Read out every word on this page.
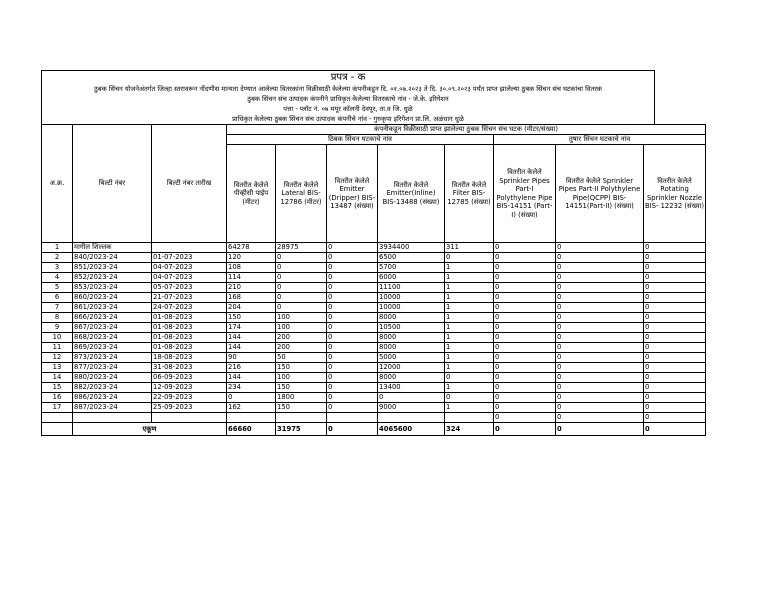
प्रपत्र - क
ठुबक सिंचन योजनेअंतर्गत जिल्हा स्तरावरून नोंदणीस मान्यता देण्यात आलेल्या वितरकांना विक्रीसाठी केलेल्या कंपनीकडून दि. ०१.०७.२०२३ ते दि. ३०.०९.२०२३ पर्यंत प्राप्त झालेल्या ठुबक सिंचन संच घटकांचा वितरक
ठुबक सिंचन संच उत्पादक कंपनीने प्राधिकृत केलेल्या वितरकाचे नांव - जे.के. इरिगेशन
पत्ता - प्लॉट नं. ०७ मयूर कॉलनी देवपूर, ता.व जि. धुळे
प्राधिकृत केलेल्या ठुबक सिंचन संच उत्पादक कंपनीचे नांव - गुरुकृपा इरिगेशन प्रा.लि. अळंधान धुळे
अ.क्र.	बिल्टी नंबर	बिल्टी नंबर तारीख	कंपनीकडून विक्रीसाठी प्राप्त झालेल्या ठुबक सिंचन संच घटक (मीटर/संख्या)							
			ठिबक सिंचन घटकाचे नांव					तुषार सिंचन घटकाचे नांव		
			वितरीत केलेले पीव्हीसी पाईप (मीटर)	वितरीत केलेले Lateral BIS-12786 (मीटर)	वितरीत केलेले Emitter (Dripper) BIS-13487 (संख्या)	वितरीत केलेले Emitter(Inline) BIS-13488 (संख्या)	वितरीत केलेले Filter BIS-12785 (संख्या)	वितरीत केलेले Sprinkler Pipes Part-I Polythylene Pipe BIS-14151 (Part-I) (संख्या)	वितरीत केलेले Sprinkler Pipes Part-II Polythylene Pipe(QCPP) BIS-14151(Part-II) (संख्या)	वितरीत केलेले Rotating Sprinkler Nozzle BIS- 12232 (संख्या)
1	मागील शिल्लक		64278	28975	0	3934400	311	0	0	0
2	840/2023-24	01-07-2023	120	0	0	6500	0	0	0	0
3	851/2023-24	04-07-2023	108	0	0	5700	1	0	0	0
4	852/2023-24	04-07-2023	114	0	0	6000	1	0	0	0
5	853/2023-24	05-07-2023	210	0	0	11100	1	0	0	0
6	860/2023-24	21-07-2023	168	0	0	10000	1	0	0	0
7	861/2023-24	24-07-2023	204	0	0	10000	1	0	0	0
8	866/2023-24	01-08-2023	150	100	0	8000	1	0	0	0
9	867/2023-24	01-08-2023	174	100	0	10500	1	0	0	0
10	868/2023-24	01-08-2023	144	200	0	8000	1	0	0	0
11	869/2023-24	01-08-2023	144	200	0	8000	1	0	0	0
12	873/2023-24	18-08-2023	90	50	0	5000	1	0	0	0
13	877/2023-24	31-08-2023	216	150	0	12000	1	0	0	0
14	880/2023-24	06-09-2023	144	100	0	8000	0	0	0	0
15	882/2023-24	12-09-2023	234	150	0	13400	1	0	0	0
16	886/2023-24	22-09-2023	0	1800	0	0	0	0	0	0
17	887/2023-24	25-09-2023	162	150	0	9000	1	0	0	0
								0	0	0
	एकूण		66660	31975	0	4065600	324	0	0	0
